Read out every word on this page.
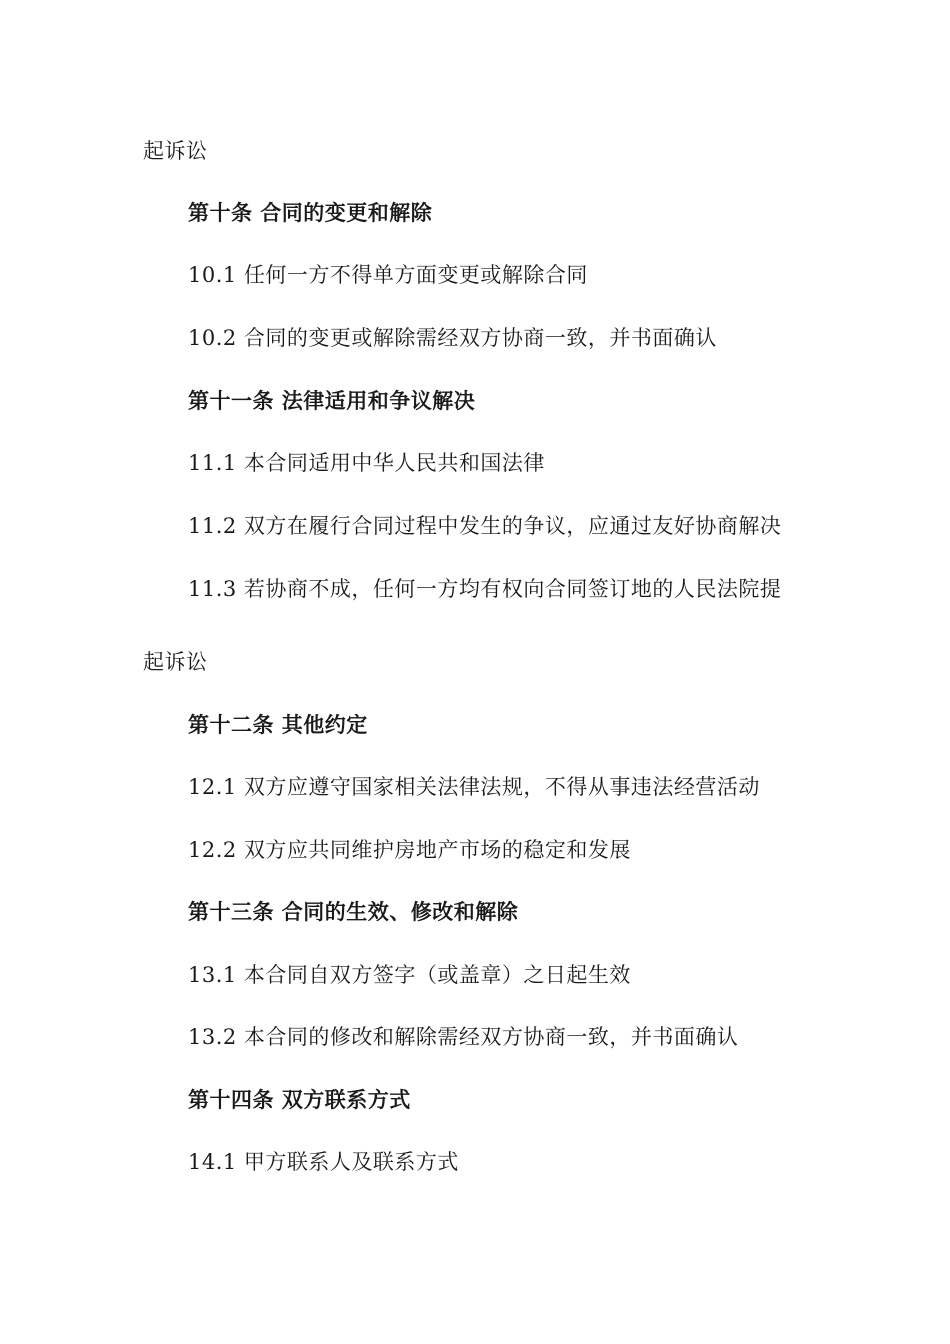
起诉讼
第十条 合同的变更和解除
10.1 任何一方不得单方面变更或解除合同
10.2 合同的变更或解除需经双方协商一致，并书面确认
第十一条 法律适用和争议解决
11.1 本合同适用中华人民共和国法律
11.2 双方在履行合同过程中发生的争议，应通过友好协商解决
11.3 若协商不成，任何一方均有权向合同签订地的人民法院提
起诉讼
第十二条 其他约定
12.1 双方应遵守国家相关法律法规，不得从事违法经营活动
12.2 双方应共同维护房地产市场的稳定和发展
第十三条 合同的生效、修改和解除
13.1 本合同自双方签字（或盖章）之日起生效
13.2 本合同的修改和解除需经双方协商一致，并书面确认
第十四条 双方联系方式
14.1 甲方联系人及联系方式
